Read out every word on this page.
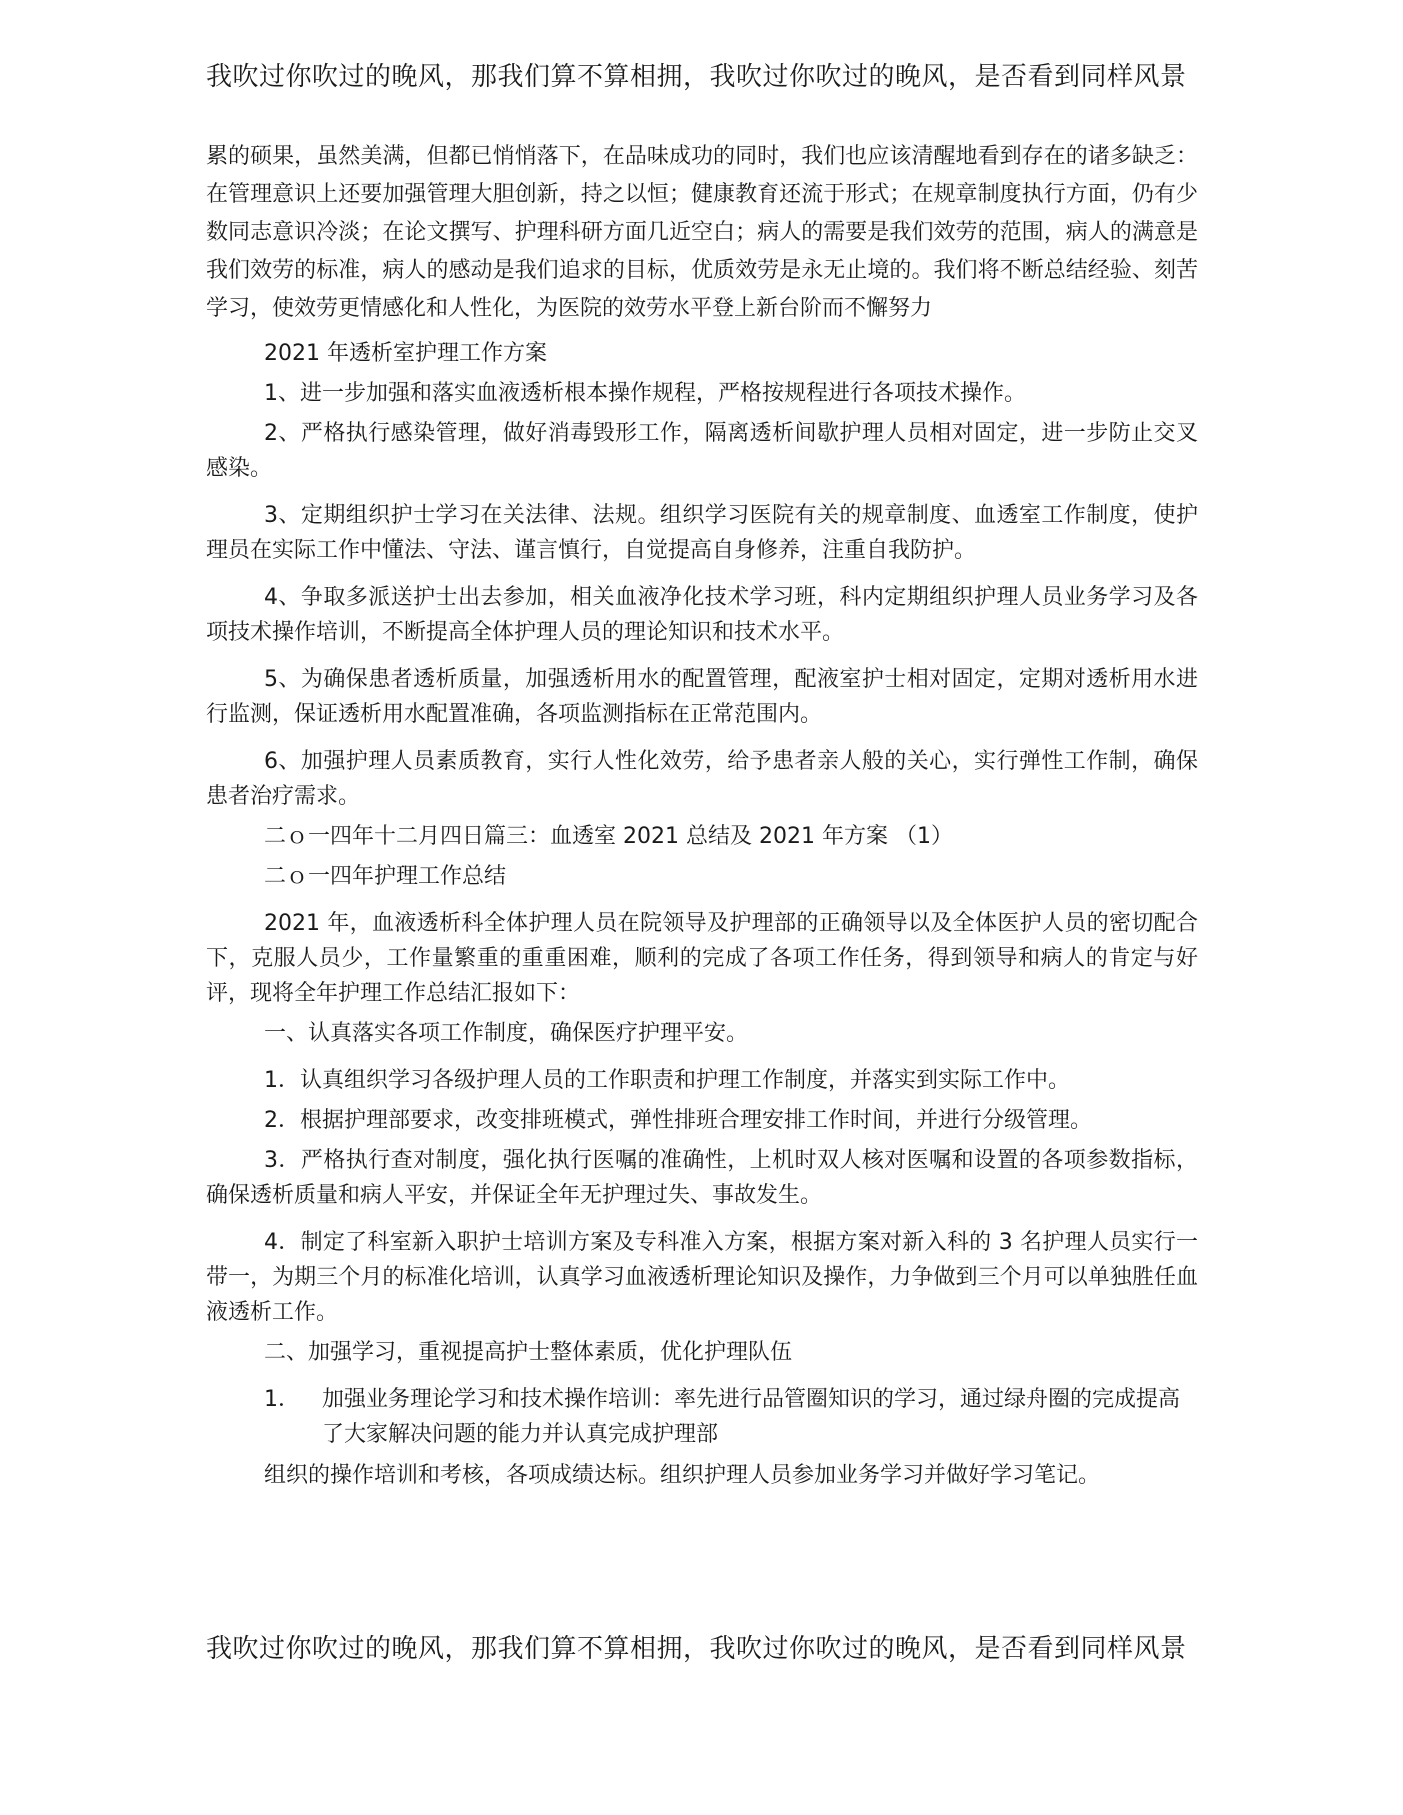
我吹过你吹过的晚风，那我们算不算相拥，我吹过你吹过的晚风，是否看到同样风景

累的硕果，虽然美满，但都已悄悄落下，在品味成功的同时，我们也应该清醒地看到存在的诸多缺乏：在管理意识上还要加强管理大胆创新，持之以恒；健康教育还流于形式；在规章制度执行方面，仍有少数同志意识冷淡；在论文撰写、护理科研方面几近空白；病人的需要是我们效劳的范围，病人的满意是我们效劳的标准，病人的感动是我们追求的目标，优质效劳是永无止境的。我们将不断总结经验、刻苦学习，使效劳更情感化和人性化，为医院的效劳水平登上新台阶而不懈努力

2021 年透析室护理工作方案

1、进一步加强和落实血液透析根本操作规程，严格按规程进行各项技术操作。

2、严格执行感染管理，做好消毒毁形工作，隔离透析间歇护理人员相对固定，进一步防止交叉感染。

3、定期组织护士学习在关法律、法规。组织学习医院有关的规章制度、血透室工作制度，使护理员在实际工作中懂法、守法、谨言慎行，自觉提高自身修养，注重自我防护。

4、争取多派送护士出去参加，相关血液净化技术学习班，科内定期组织护理人员业务学习及各项技术操作培训，不断提高全体护理人员的理论知识和技术水平。

5、为确保患者透析质量，加强透析用水的配置管理，配液室护士相对固定，定期对透析用水进行监测，保证透析用水配置准确，各项监测指标在正常范围内。

6、加强护理人员素质教育，实行人性化效劳，给予患者亲人般的关心，实行弹性工作制，确保患者治疗需求。

二ｏ一四年十二月四日篇三：血透室 2021 总结及 2021 年方案 （1）

二ｏ一四年护理工作总结

2021 年，血液透析科全体护理人员在院领导及护理部的正确领导以及全体医护人员的密切配合下，克服人员少，工作量繁重的重重困难，顺利的完成了各项工作任务，得到领导和病人的肯定与好评，现将全年护理工作总结汇报如下：

一、认真落实各项工作制度，确保医疗护理平安。

1．认真组织学习各级护理人员的工作职责和护理工作制度，并落实到实际工作中。

2．根据护理部要求，改变排班模式，弹性排班合理安排工作时间，并进行分级管理。

3．严格执行查对制度，强化执行医嘱的准确性，上机时双人核对医嘱和设置的各项参数指标，确保透析质量和病人平安，并保证全年无护理过失、事故发生。

4．制定了科室新入职护士培训方案及专科准入方案，根据方案对新入科的 3 名护理人员实行一带一，为期三个月的标准化培训，认真学习血液透析理论知识及操作，力争做到三个月可以单独胜任血液透析工作。

二、加强学习，重视提高护士整体素质，优化护理队伍

1． 加强业务理论学习和技术操作培训：率先进行品管圈知识的学习，通过绿舟圈的完成提高了大家解决问题的能力并认真完成护理部

组织的操作培训和考核，各项成绩达标。组织护理人员参加业务学习并做好学习笔记。

我吹过你吹过的晚风，那我们算不算相拥，我吹过你吹过的晚风，是否看到同样风景
